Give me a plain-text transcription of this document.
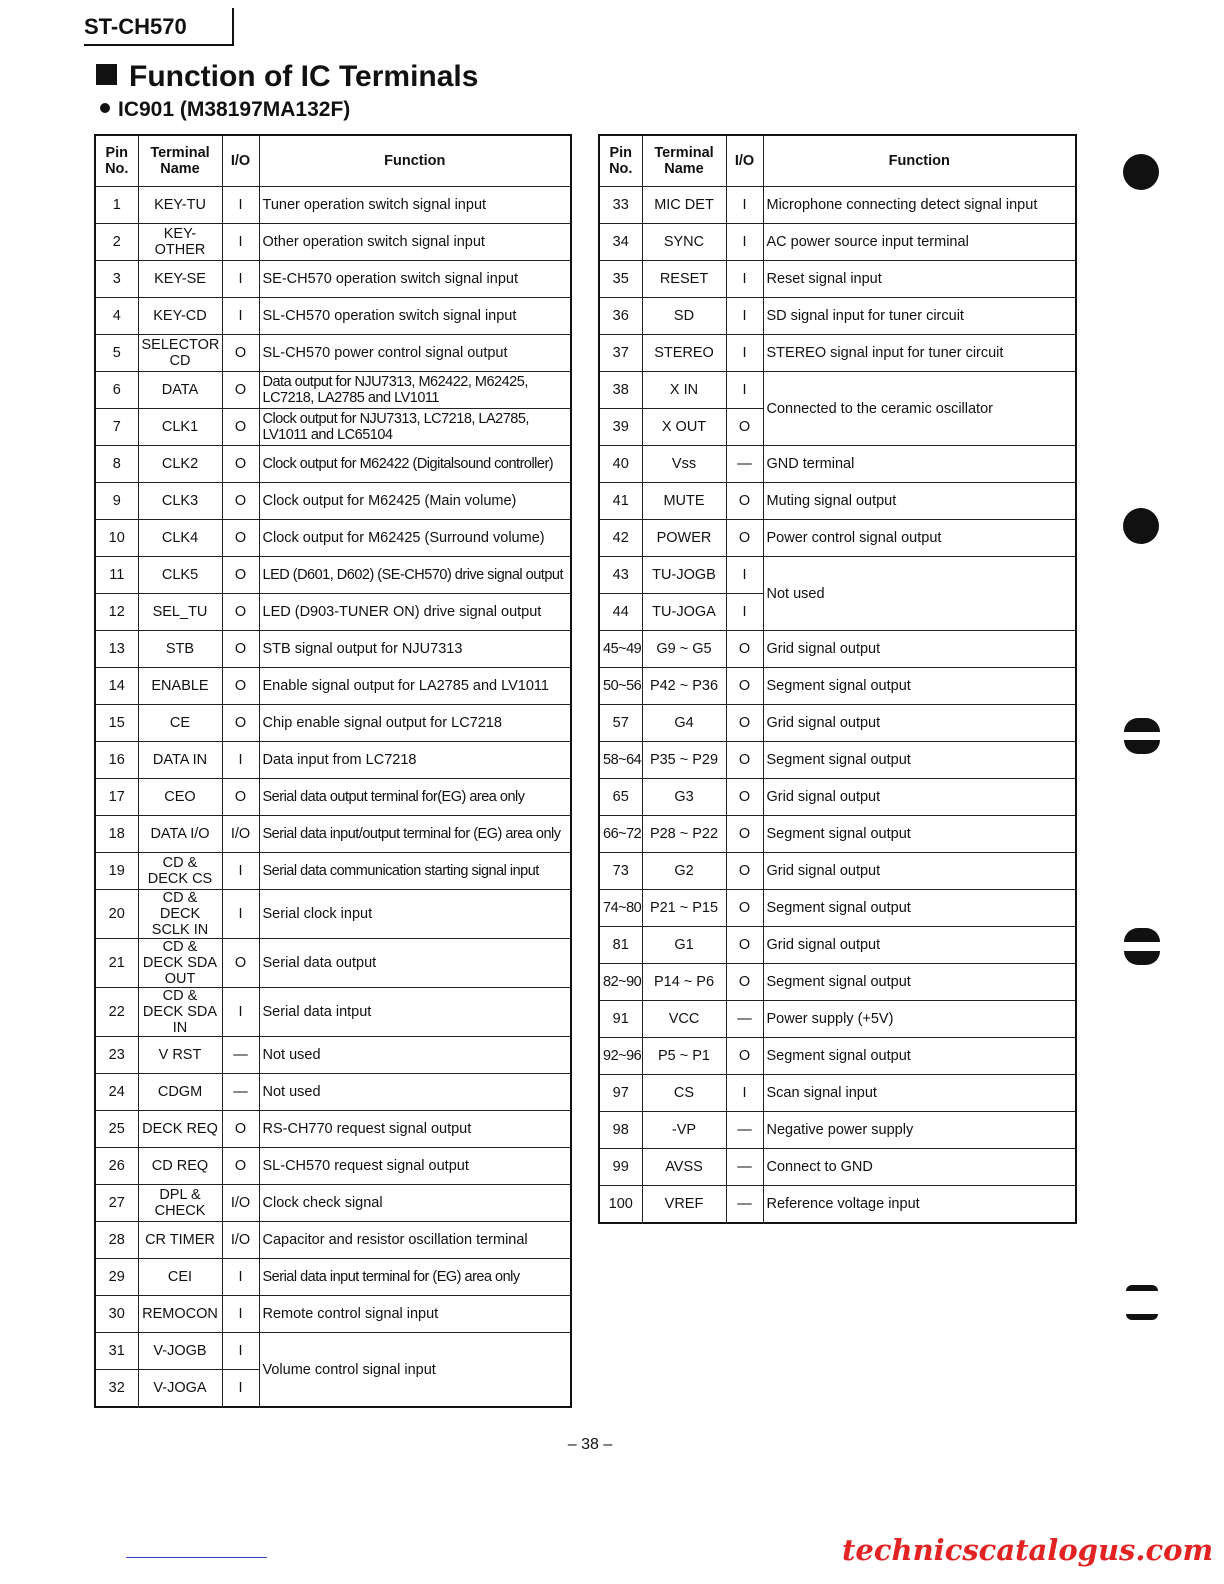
ST-CH570
Function of IC Terminals
IC901 (M38197MA132F)
Pin No.	Terminal Name	I/O	Function
1	KEY-TU	I	Tuner operation switch signal input
2	KEY-OTHER	I	Other operation switch signal input
3	KEY-SE	I	SE-CH570 operation switch signal input
4	KEY-CD	I	SL-CH570 operation switch signal input
5	SELECTOR CD	O	SL-CH570 power control signal output
6	DATA	O	Data output for NJU7313, M62422, M62425, LC7218, LA2785 and LV1011
7	CLK1	O	Clock output for NJU7313, LC7218, LA2785, LV1011 and LC65104
8	CLK2	O	Clock output for M62422 (Digitalsound controller)
9	CLK3	O	Clock output for M62425 (Main volume)
10	CLK4	O	Clock output for M62425 (Surround volume)
11	CLK5	O	LED (D601, D602) (SE-CH570) drive signal output
12	SEL_TU	O	LED (D903-TUNER ON) drive signal output
13	STB	O	STB signal output for NJU7313
14	ENABLE	O	Enable signal output for LA2785 and LV1011
15	CE	O	Chip enable signal output for LC7218
16	DATA IN	I	Data input from LC7218
17	CEO	O	Serial data output terminal for(EG) area only
18	DATA I/O	I/O	Serial data input/output terminal for (EG) area only
19	CD & DECK CS	I	Serial data communication starting signal input
20	CD & DECK SCLK IN	I	Serial clock input
21	CD & DECK SDA OUT	O	Serial data output
22	CD & DECK SDA IN	I	Serial data intput
23	V RST	—	Not used
24	CDGM	—	Not used
25	DECK REQ	O	RS-CH770 request signal output
26	CD REQ	O	SL-CH570 request signal output
27	DPL & CHECK	I/O	Clock check signal
28	CR TIMER	I/O	Capacitor and resistor oscillation terminal
29	CEI	I	Serial data input terminal for (EG) area only
30	REMOCON	I	Remote control signal input
31	V-JOGB	I	Volume control signal input
32	V-JOGA	I	
Pin No.	Terminal Name	I/O	Function
33	MIC DET	I	Microphone connecting detect signal input
34	SYNC	I	AC power source input terminal
35	RESET	I	Reset signal input
36	SD	I	SD signal input for tuner circuit
37	STEREO	I	STEREO signal input for tuner circuit
38	X IN	I	Connected to the ceramic oscillator
39	X OUT	O	
40	Vss	—	GND terminal
41	MUTE	O	Muting signal output
42	POWER	O	Power control signal output
43	TU-JOGB	I	Not used
44	TU-JOGA	I	
45~49	G9 ~ G5	O	Grid signal output
50~56	P42 ~ P36	O	Segment signal output
57	G4	O	Grid signal output
58~64	P35 ~ P29	O	Segment signal output
65	G3	O	Grid signal output
66~72	P28 ~ P22	O	Segment signal output
73	G2	O	Grid signal output
74~80	P21 ~ P15	O	Segment signal output
81	G1	O	Grid signal output
82~90	P14 ~ P6	O	Segment signal output
91	VCC	—	Power supply (+5V)
92~96	P5 ~ P1	O	Segment signal output
97	CS	I	Scan signal input
98	-VP	—	Negative power supply
99	AVSS	—	Connect to GND
100	VREF	—	Reference voltage input
– 38 –
technicscatalogus.com
